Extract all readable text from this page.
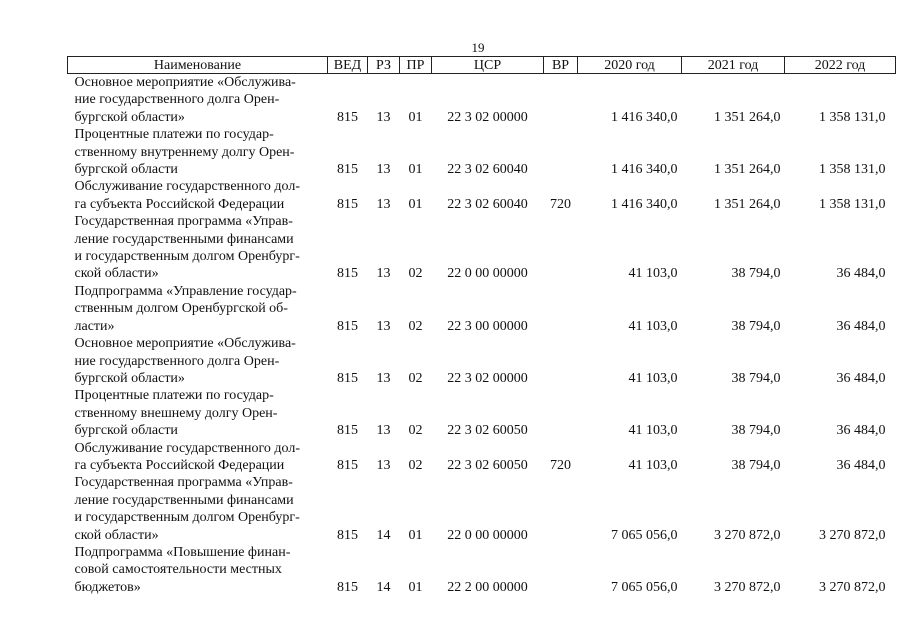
19
Наименование	ВЕД	РЗ	ПР	ЦСР	ВР	2020 год	2021 год	2022 год
Основное мероприятие «Обслужива-
ние государственного долга Орен-
бургской области»	815	13	01	22 3 02 00000		1 416 340,0	1 351 264,0	1 358 131,0
Процентные платежи по государ-
ственному внутреннему долгу Орен-
бургской области	815	13	01	22 3 02 60040		1 416 340,0	1 351 264,0	1 358 131,0
Обслуживание государственного дол-
га субъекта Российской Федерации	815	13	01	22 3 02 60040	720	1 416 340,0	1 351 264,0	1 358 131,0
Государственная программа «Управ-
ление государственными финансами
и государственным долгом Оренбург-
ской области»	815	13	02	22 0 00 00000		41 103,0	38 794,0	36 484,0
Подпрограмма «Управление государ-
ственным долгом Оренбургской об-
ласти»	815	13	02	22 3 00 00000		41 103,0	38 794,0	36 484,0
Основное мероприятие «Обслужива-
ние государственного долга Орен-
бургской области»	815	13	02	22 3 02 00000		41 103,0	38 794,0	36 484,0
Процентные платежи по государ-
ственному внешнему долгу Орен-
бургской области	815	13	02	22 3 02 60050		41 103,0	38 794,0	36 484,0
Обслуживание государственного дол-
га субъекта Российской Федерации	815	13	02	22 3 02 60050	720	41 103,0	38 794,0	36 484,0
Государственная программа «Управ-
ление государственными финансами
и государственным долгом Оренбург-
ской области»	815	14	01	22 0 00 00000		7 065 056,0	3 270 872,0	3 270 872,0
Подпрограмма «Повышение финан-
совой самостоятельности местных
бюджетов»	815	14	01	22 2 00 00000		7 065 056,0	3 270 872,0	3 270 872,0
